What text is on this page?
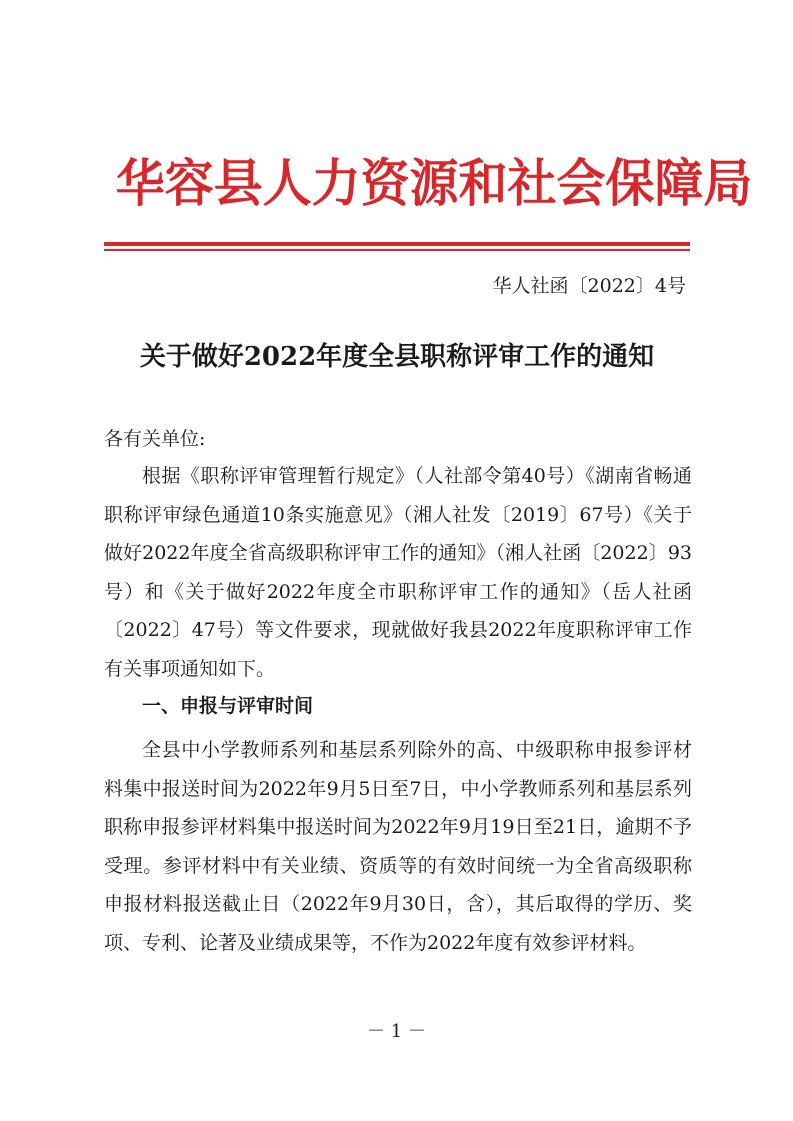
华容县人力资源和社会保障局
华人社函〔2022〕4号
关于做好2022年度全县职称评审工作的通知
各有关单位:

根据《职称评审管理暂行规定》（人社部令第40号）《湖南省畅通职称评审绿色通道10条实施意见》（湘人社发〔2019〕67号）《关于做好2022年度全省高级职称评审工作的通知》（湘人社函〔2022〕93号）和《关于做好2022年度全市职称评审工作的通知》（岳人社函〔2022〕47号）等文件要求，现就做好我县2022年度职称评审工作有关事项通知如下。

一、申报与评审时间

全县中小学教师系列和基层系列除外的高、中级职称申报参评材料集中报送时间为2022年9月5日至7日，中小学教师系列和基层系列职称申报参评材料集中报送时间为2022年9月19日至21日，逾期不予受理。参评材料中有关业绩、资质等的有效时间统一为全省高级职称申报材料报送截止日（2022年9月30日，含），其后取得的学历、奖项、专利、论著及业绩成果等，不作为2022年度有效参评材料。

－ 1 －
